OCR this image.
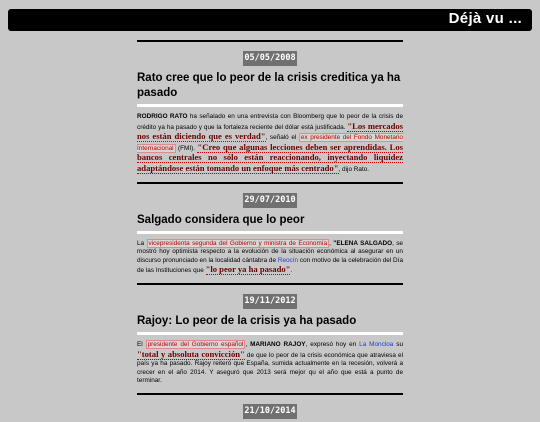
Déjà vu ...
05/05/2008
Rato cree que lo peor de la crisis creditica ya ha pasado
RODRIGO RATO ha señalado en una entrevista con Bloomberg que lo peor de la crisis de crédito ya ha pasado y que la fortaleza reciente del dólar está justificada. "Los mercados nos están diciendo que es verdad", señaló el ex presidente del Fondo Monetario Internacional (FMI). "Creo que algunas lecciones deben ser aprendidas. Los bancos centrales no sólo están reaccionando, inyectando liquidez adaptándose están tomando un enfoque más centrado", dijo Rato.
29/07/2010
Salgado considera que lo peor
La vicepresidenta segunda del Gobierno y ministra de Economía , "ELENA SALGADO, se mostró hoy optimista respecto a la evolución de la situación económica al asegurar en un discurso pronunciado en la localidad cántabra de Reocín con motivo de la celebración del Día de las Instituciones que "lo peor ya ha pasado".
19/11/2012
Rajoy: Lo peor de la crisis ya ha pasado
El presidente del Gobierno español , MARIANO RAJOY, expresó hoy en La Moncloa su "total y absoluta convicción" de que lo peor de la crisis económica que atraviesa el país ya ha pasado. Rajoy reiteró que España, sumida actualmente en la recesión, volverá a crecer en el año 2014. Y aseguró que 2013 será mejor qu el año que está a punto de terminar.
21/10/2014
